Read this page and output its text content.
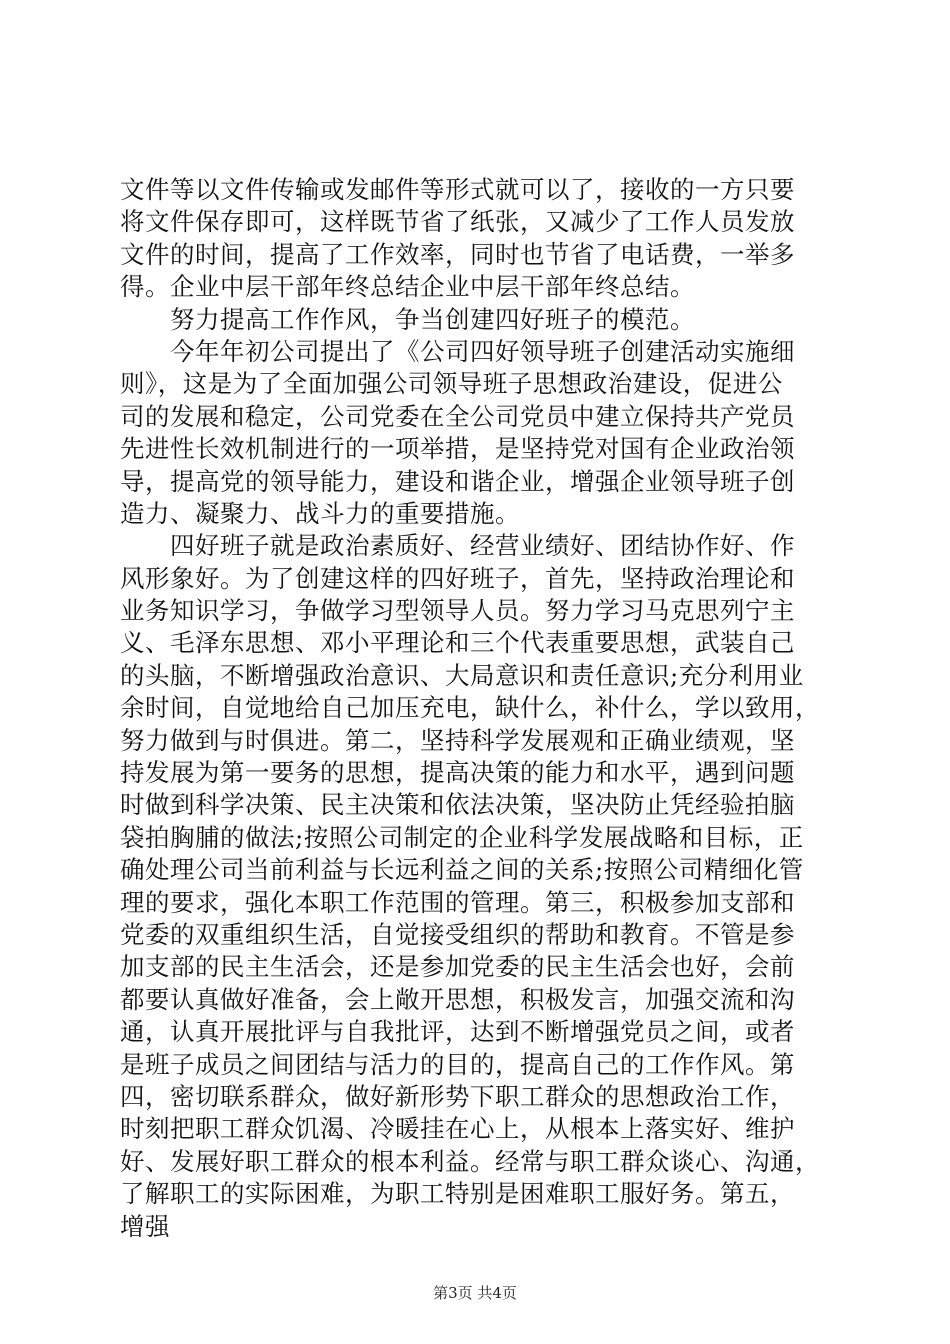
文件等以文件传输或发邮件等形式就可以了，接收的一方只要
将文件保存即可，这样既节省了纸张，又减少了工作人员发放
文件的时间，提高了工作效率，同时也节省了电话费，一举多
得。企业中层干部年终总结企业中层干部年终总结。
　　努力提高工作作风，争当创建四好班子的模范。
　　今年年初公司提出了《公司四好领导班子创建活动实施细
则》，这是为了全面加强公司领导班子思想政治建设，促进公
司的发展和稳定，公司党委在全公司党员中建立保持共产党员
先进性长效机制进行的一项举措，是坚持党对国有企业政治领
导，提高党的领导能力，建设和谐企业，增强企业领导班子创
造力、凝聚力、战斗力的重要措施。
　　四好班子就是政治素质好、经营业绩好、团结协作好、作
风形象好。为了创建这样的四好班子，首先，坚持政治理论和
业务知识学习，争做学习型领导人员。努力学习马克思列宁主
义、毛泽东思想、邓小平理论和三个代表重要思想，武装自己
的头脑，不断增强政治意识、大局意识和责任意识;充分利用业
余时间，自觉地给自己加压充电，缺什么，补什么，学以致用，
努力做到与时俱进。第二，坚持科学发展观和正确业绩观，坚
持发展为第一要务的思想，提高决策的能力和水平，遇到问题
时做到科学决策、民主决策和依法决策，坚决防止凭经验拍脑
袋拍胸脯的做法;按照公司制定的企业科学发展战略和目标，正
确处理公司当前利益与长远利益之间的关系;按照公司精细化管
理的要求，强化本职工作范围的管理。第三，积极参加支部和
党委的双重组织生活，自觉接受组织的帮助和教育。不管是参
加支部的民主生活会，还是参加党委的民主生活会也好，会前
都要认真做好准备，会上敞开思想，积极发言，加强交流和沟
通，认真开展批评与自我批评，达到不断增强党员之间，或者
是班子成员之间团结与活力的目的，提高自己的工作作风。第
四，密切联系群众，做好新形势下职工群众的思想政治工作，
时刻把职工群众饥渴、冷暖挂在心上，从根本上落实好、维护
好、发展好职工群众的根本利益。经常与职工群众谈心、沟通，
了解职工的实际困难，为职工特别是困难职工服好务。第五，
增强
第3页 共4页
